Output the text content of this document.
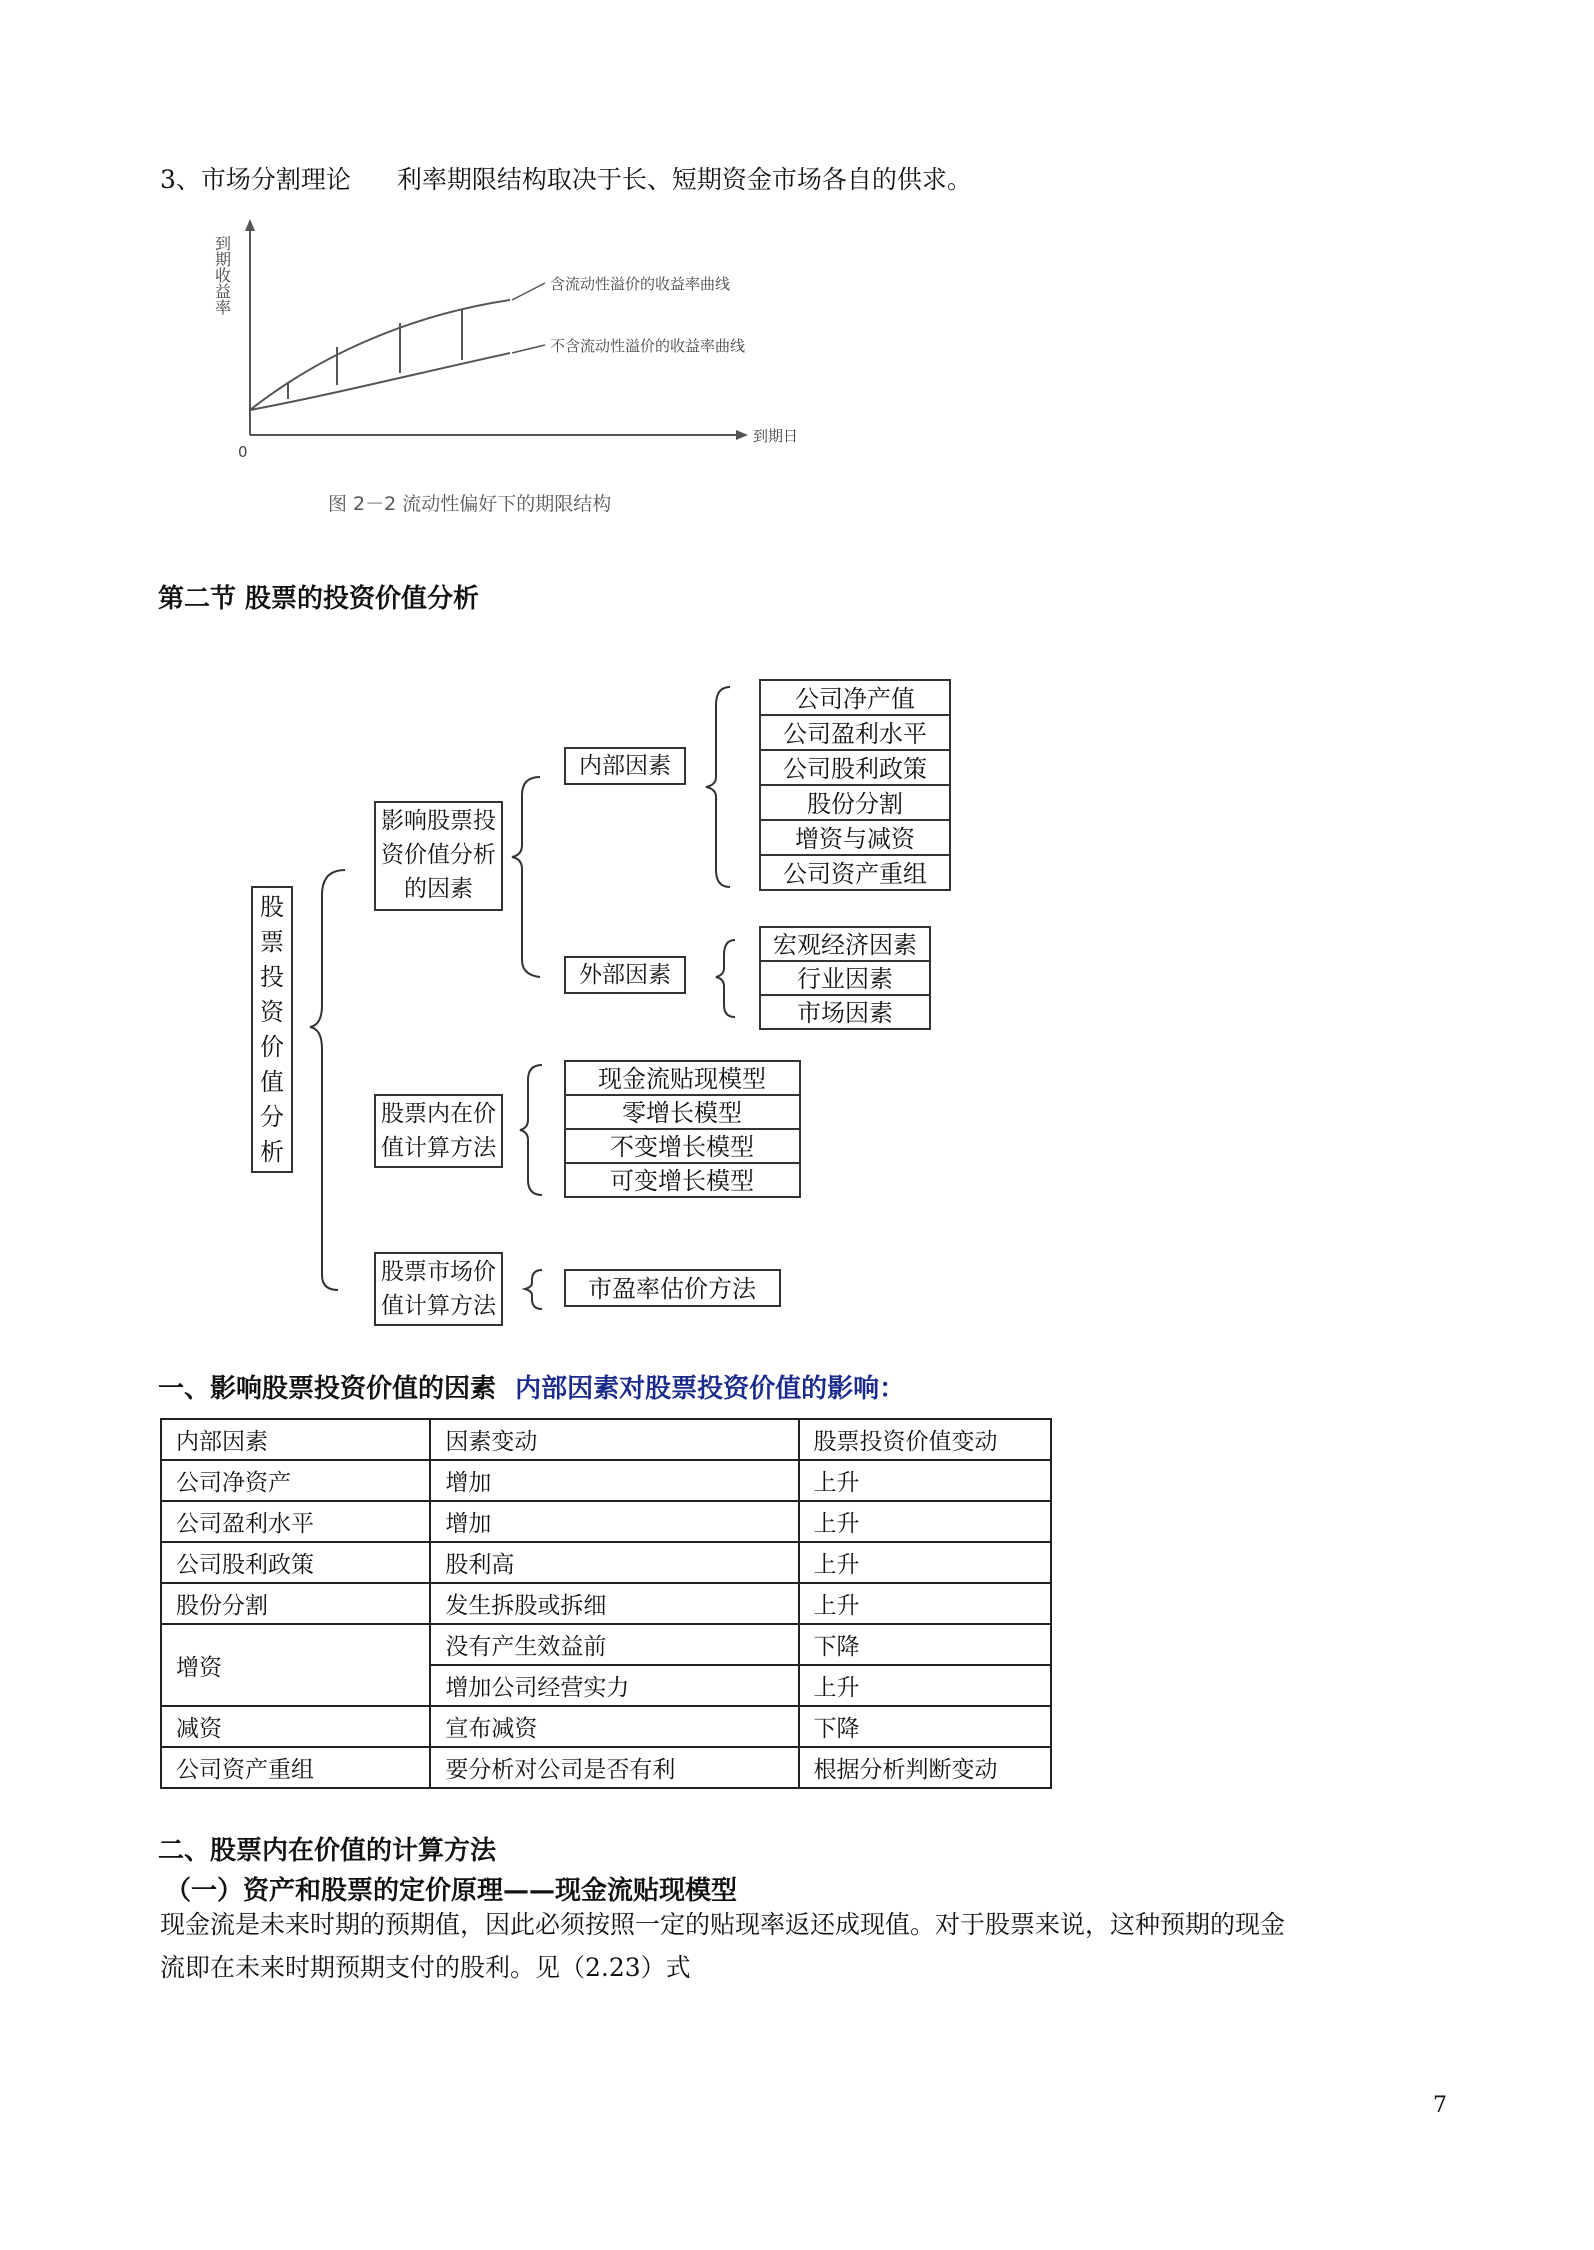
3、市场分割理论 利率期限结构取决于长、短期资金市场各自的供求。
到期收益率	含流动性溢价的收益率曲线
不含流动性溢价的收益率曲线
到期日
0
图 2－2 流动性偏好下的期限结构
第二节 股票的投资价值分析
股票投资价值分析
影响股票投资价值分析的因素
内部因素
外部因素
股票内在价值计算方法
股票市场价值计算方法
公司净产值
公司盈利水平
公司股利政策
股份分割
增资与减资
公司资产重组
宏观经济因素
行业因素
市场因素
现金流贴现模型
零增长模型
不变增长模型
可变增长模型
市盈率估价方法
一、影响股票投资价值的因素 内部因素对股票投资价值的影响：
内部因素	因素变动	股票投资价值变动
公司净资产	增加	上升
公司盈利水平	增加	上升
公司股利政策	股利高	上升
股份分割	发生拆股或拆细	上升
增资	没有产生效益前	下降
	增加公司经营实力	上升
减资	宣布减资	下降
公司资产重组	要分析对公司是否有利	根据分析判断变动
二、股票内在价值的计算方法
（一）资产和股票的定价原理——现金流贴现模型
现金流是未来时期的预期值，因此必须按照一定的贴现率返还成现值。对于股票来说，这种预期的现金
流即在未来时期预期支付的股利。见（2.23）式
7
